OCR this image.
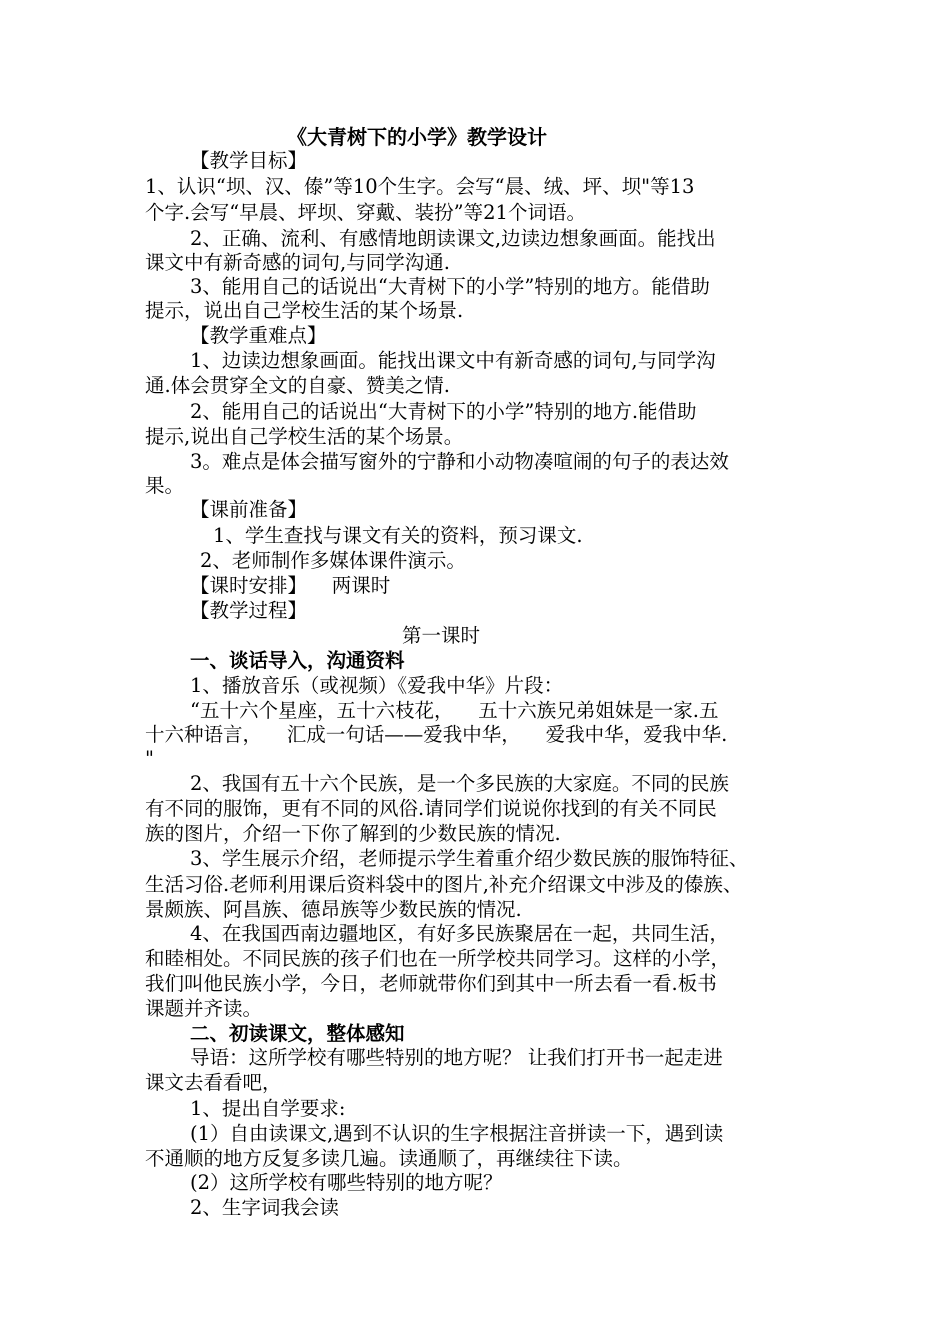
《大青树下的小学》教学设计
【教学目标】
1、认识“坝、汉、傣”等10个生字。会写“晨、绒、坪、坝"等13
个字.会写“早晨、坪坝、穿戴、装扮”等21个词语。
2、正确、流利、有感情地朗读课文,边读边想象画面。能找出
课文中有新奇感的词句,与同学沟通.
3、能用自己的话说出“大青树下的小学”特别的地方。能借助
提示，说出自己学校生活的某个场景.
【教学重难点】
1、边读边想象画面。能找出课文中有新奇感的词句,与同学沟
通.体会贯穿全文的自豪、赞美之情.
2、能用自己的话说出“大青树下的小学”特别的地方.能借助
提示,说出自己学校生活的某个场景。
3。难点是体会描写窗外的宁静和小动物凑喧闹的句子的表达效
果。
【课前准备】
1、学生查找与课文有关的资料，预习课文.
2、老师制作多媒体课件演示。
【课时安排】    两课时
【教学过程】
第一课时
一、谈话导入，沟通资料
1、播放音乐（或视频）《爱我中华》片段：
“五十六个星座，五十六枝花，    五十六族兄弟姐妹是一家.五
十六种语言，    汇成一句话——爱我中华，    爱我中华，爱我中华.
"
2、我国有五十六个民族，是一个多民族的大家庭。不同的民族
有不同的服饰，更有不同的风俗.请同学们说说你找到的有关不同民
族的图片，介绍一下你了解到的少数民族的情况.
3、学生展示介绍，老师提示学生着重介绍少数民族的服饰特征、
生活习俗.老师利用课后资料袋中的图片,补充介绍课文中涉及的傣族、
景颇族、阿昌族、德昂族等少数民族的情况.
4、在我国西南边疆地区，有好多民族聚居在一起，共同生活，
和睦相处。不同民族的孩子们也在一所学校共同学习。这样的小学，
我们叫他民族小学，今日，老师就带你们到其中一所去看一看.板书
课题并齐读。
二、初读课文，整体感知
导语：这所学校有哪些特别的地方呢？ 让我们打开书一起走进
课文去看看吧，
1、提出自学要求:
(1）自由读课文,遇到不认识的生字根据注音拼读一下，遇到读
不通顺的地方反复多读几遍。读通顺了，再继续往下读。
(2）这所学校有哪些特别的地方呢？
2、生字词我会读
